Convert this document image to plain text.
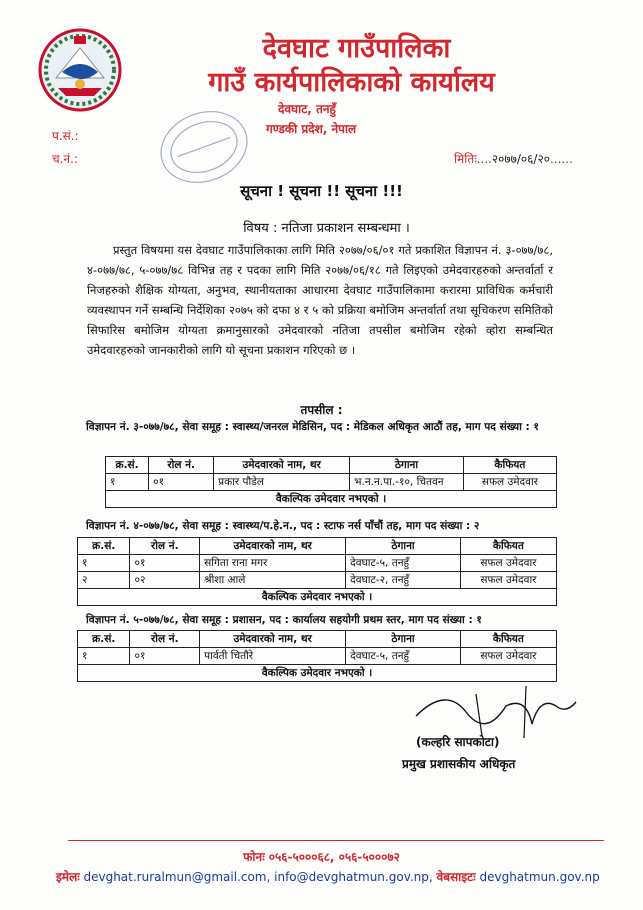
देवघाट गाउँपालिका
गाउँ कार्यपालिकाको कार्यालय
देवघाट, तनहुँ
गण्डकी प्रदेश, नेपाल
प.सं.:
च.नं.:	मितिः....२०७७/०६/२०......
सूचना ! सूचना !! सूचना !!!
विषय : नतिजा प्रकाशन सम्बन्धमा ।
प्रस्तुत विषयमा यस देवघाट गाउँपालिकाका लागि मिति २०७७/०६/०१ गते प्रकाशित विज्ञापन नं. ३-०७७/७८, ४-०७७/७८, ५-०७७/७८ विभिन्न तह र पदका लागि मिति २०७७/०६/१८ गते लिइएको उमेदवारहरुको अन्तर्वार्ता र निजहरुको शैक्षिक योग्यता, अनुभव, स्थानीयताका आधारमा देवघाट गाउँपालिकामा करारमा प्राविधिक कर्मचारी व्यवस्थापन गर्ने सम्बन्धि निर्देशिका २०७५ को दफा ४ र ५ को प्रक्रिया बमोजिम अन्तर्वार्ता तथा सूचिकरण समितिको सिफारिस बमोजिम योग्यता क्रमानुसारको उमेदवारको नतिजा तपसील बमोजिम रहेको व्होरा सम्बन्धित उमेदवारहरुको जानकारीको लागि यो सूचना प्रकाशन गरिएको छ ।
तपसील :
विज्ञापन नं. ३-०७७/७८, सेवा समूह : स्वास्थ्य/जनरल मेडिसिन, पद : मेडिकल अधिकृत आठौं तह, माग पद संख्या : १
क्र.सं.	रोल नं.	उमेदवारको नाम, थर	ठेगाना	कैफियत
१	०१	प्रकार पौडेल	भ.न.न.पा.-१०, चितवन	सफल उमेदवार
वैकल्पिक उमेदवार नभएको ।				
विज्ञापन नं. ४-०७७/७८, सेवा समूह : स्वास्थ्य/प.हे.न., पद : स्टाफ नर्स पाँचौं तह, माग पद संख्या : २
क्र.सं.	रोल नं.	उमेदवारको नाम, थर	ठेगाना	कैफियत
१	०१	सगिता राना मगर	देवघाट-५, तनहुँ	सफल उमेदवार
२	०२	श्रीशा आले	देवघाट-२, तनहुँ	सफल उमेदवार
वैकल्पिक उमेदवार नभएको ।				
विज्ञापन नं. ५-०७७/७८, सेवा समूह : प्रशासन, पद : कार्यालय सहयोगी प्रथम स्तर, माग पद संख्या : १
क्र.सं.	रोल नं.	उमेदवारको नाम, थर	ठेगाना	कैफियत
१	०१	पार्वती चितौरे	देवघाट-५, तनहुँ	सफल उमेदवार
वैकल्पिक उमेदवार नभएको ।				
(कल्हरि सापकोटा)
प्रमुख प्रशासकीय अधिकृत
फोनः ०५६-५०००६८, ०५६-५०००७२
इमेलः devghat.ruralmun@gmail.com, info@devghatmun.gov.np, वेबसाइटः devghatmun.gov.np
